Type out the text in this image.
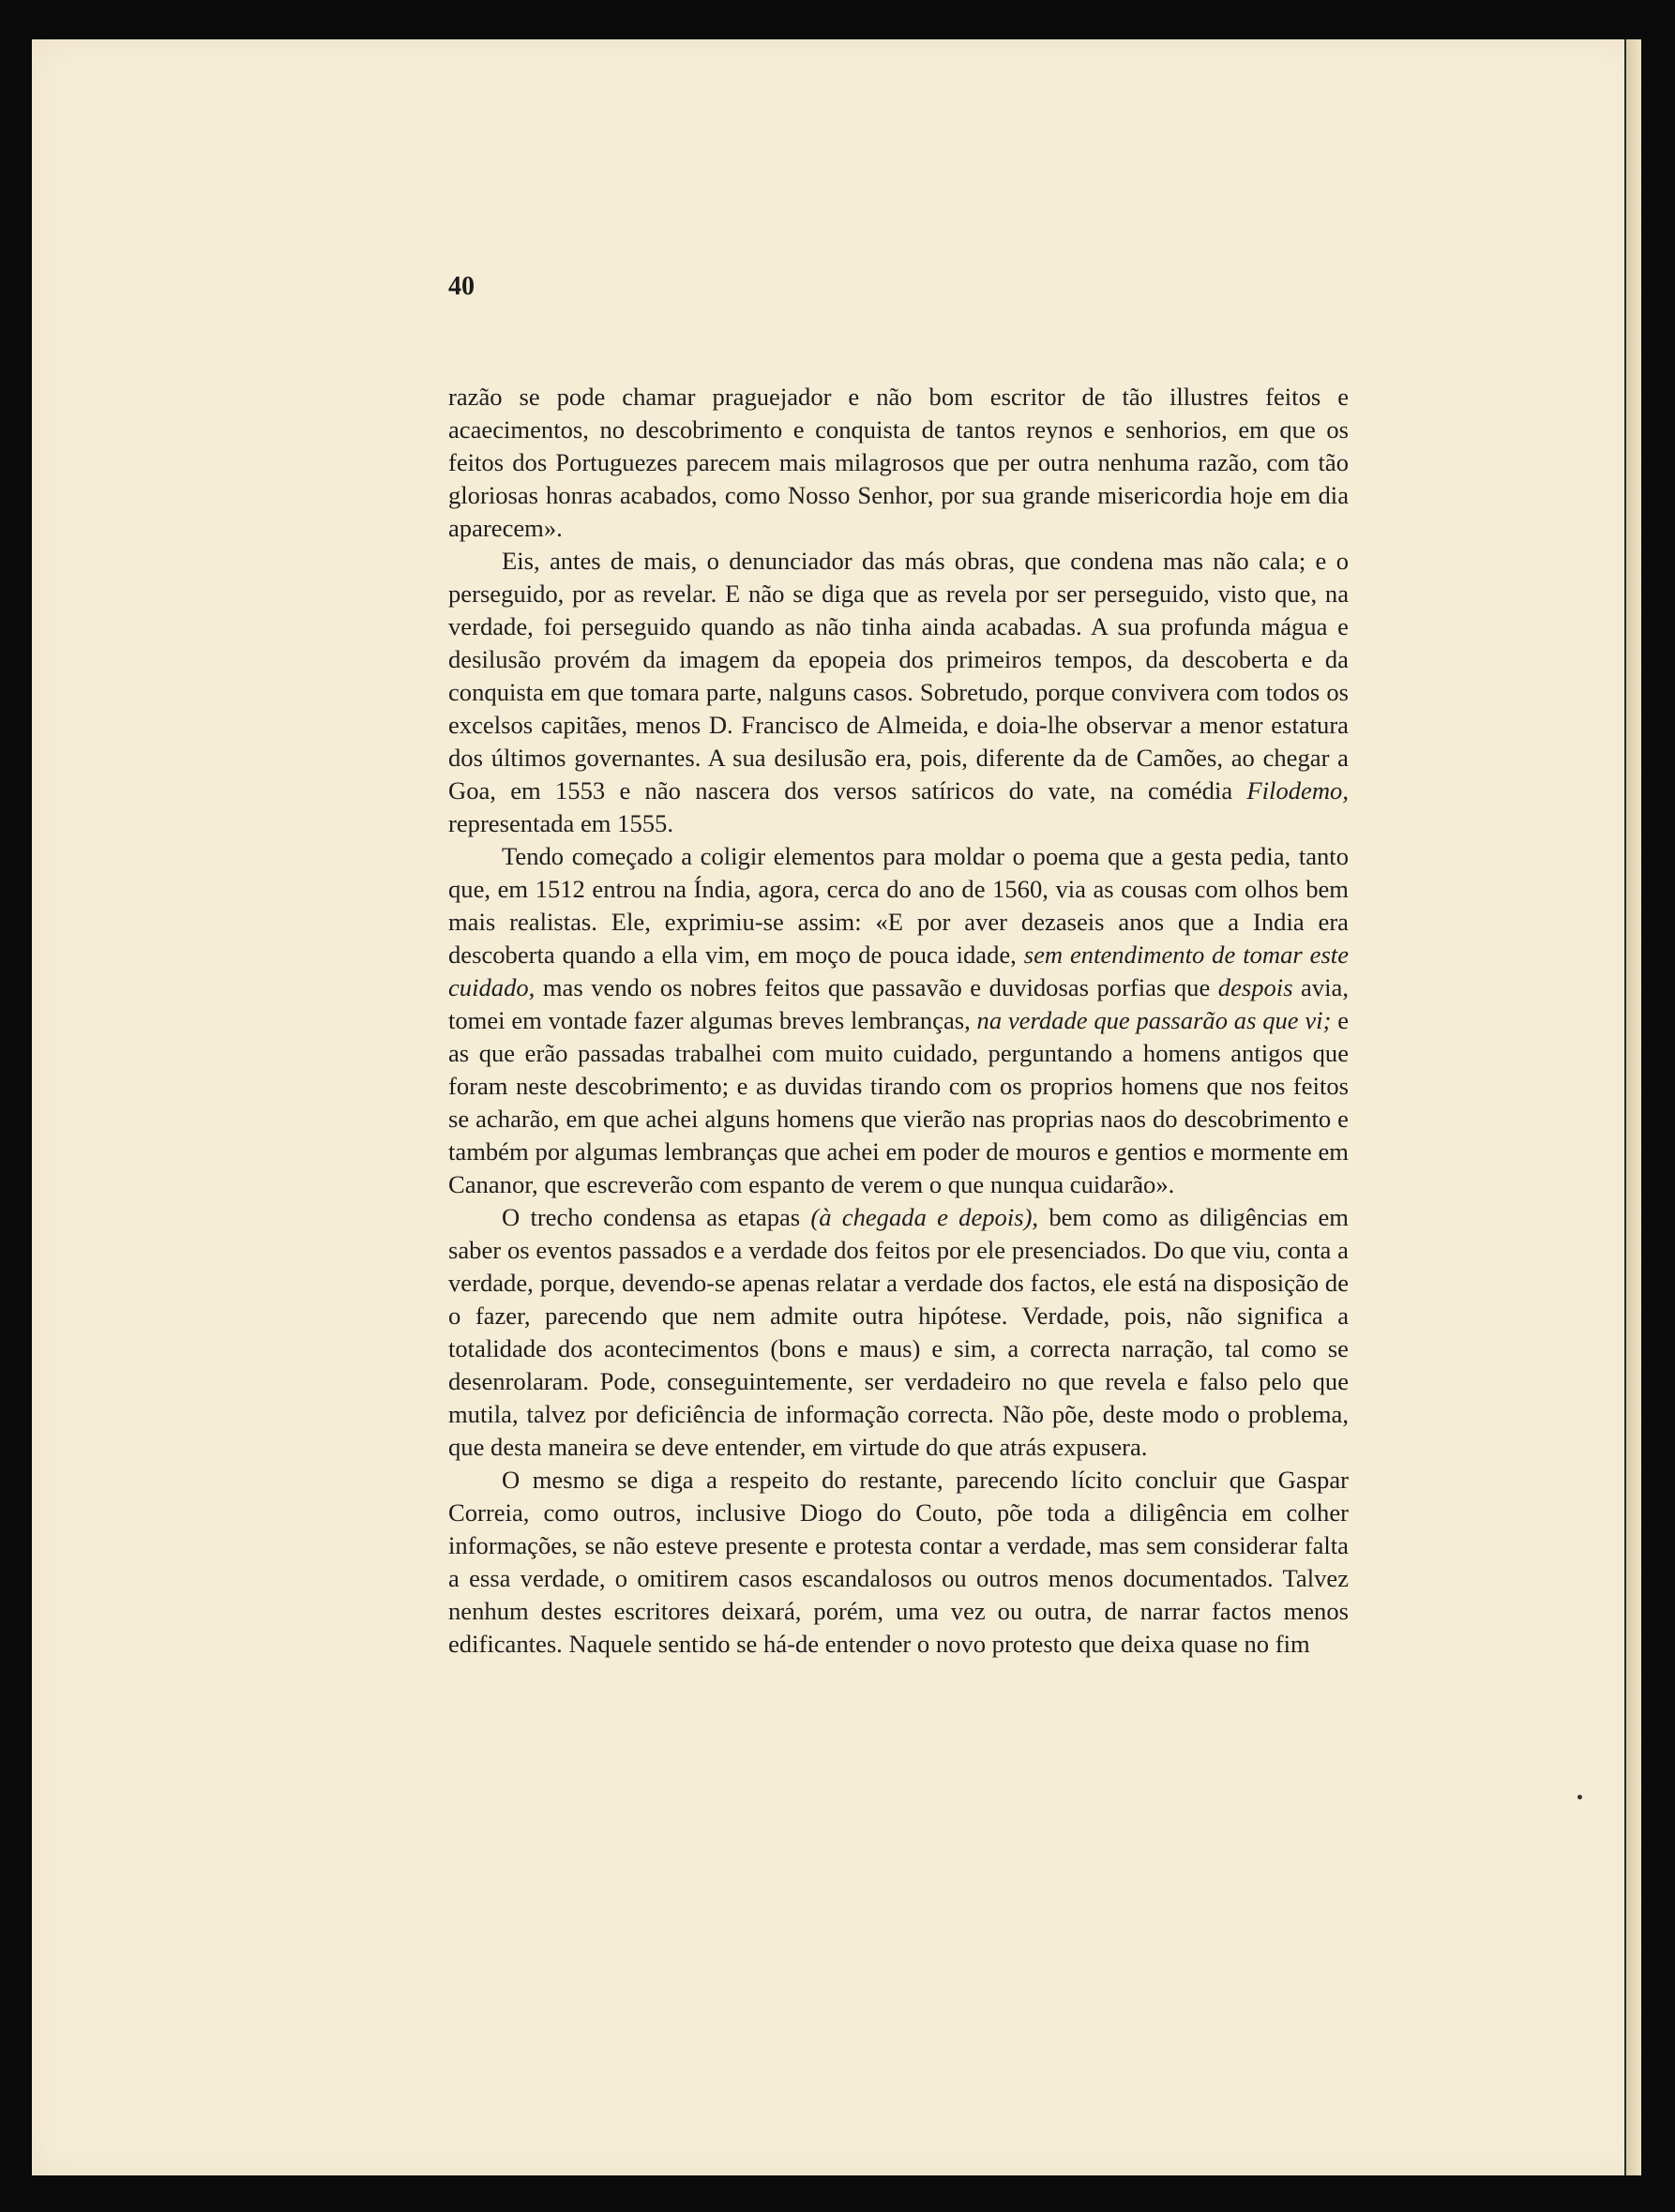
40

razão se pode chamar praguejador e não bom escritor de tão illustres feitos e acaecimentos, no descobrimento e conquista de tantos reynos e senhorios, em que os feitos dos Portuguezes parecem mais milagrosos que per outra nenhuma razão, com tão gloriosas honras acabados, como Nosso Senhor, por sua grande misericordia hoje em dia aparecem».

Eis, antes de mais, o denunciador das más obras, que condena mas não cala; e o perseguido, por as revelar. E não se diga que as revela por ser perseguido, visto que, na verdade, foi perseguido quando as não tinha ainda acabadas. A sua profunda mágua e desilusão provém da imagem da epopeia dos primeiros tempos, da descoberta e da conquista em que tomara parte, nalguns casos. Sobretudo, porque convivera com todos os excelsos capitães, menos D. Francisco de Almeida, e doia-lhe observar a menor estatura dos últimos governantes. A sua desilusão era, pois, diferente da de Camões, ao chegar a Goa, em 1553 e não nascera dos versos satíricos do vate, na comédia Filodemo, representada em 1555.

Tendo começado a coligir elementos para moldar o poema que a gesta pedia, tanto que, em 1512 entrou na Índia, agora, cerca do ano de 1560, via as cousas com olhos bem mais realistas. Ele, exprimiu-se assim: «E por aver dezaseis anos que a India era descoberta quando a ella vim, em moço de pouca idade, sem entendimento de tomar este cuidado, mas vendo os nobres feitos que passavão e duvidosas porfias que despois avia, tomei em vontade fazer algumas breves lembranças, na verdade que passarão as que vi; e as que erão passadas trabalhei com muito cuidado, perguntando a homens antigos que foram neste descobrimento; e as duvidas tirando com os proprios homens que nos feitos se acharão, em que achei alguns homens que vierão nas proprias naos do descobrimento e também por algumas lembranças que achei em poder de mouros e gentios e mormente em Cananor, que escreverão com espanto de verem o que nunqua cuidarão».

O trecho condensa as etapas (à chegada e depois), bem como as diligências em saber os eventos passados e a verdade dos feitos por ele presenciados. Do que viu, conta a verdade, porque, devendo-se apenas relatar a verdade dos factos, ele está na disposição de o fazer, parecendo que nem admite outra hipótese. Verdade, pois, não significa a totalidade dos acontecimentos (bons e maus) e sim, a correcta narração, tal como se desenrolaram. Pode, conseguintemente, ser verdadeiro no que revela e falso pelo que mutila, talvez por deficiência de informação correcta. Não põe, deste modo o problema, que desta maneira se deve entender, em virtude do que atrás expusera.

O mesmo se diga a respeito do restante, parecendo lícito concluir que Gaspar Correia, como outros, inclusive Diogo do Couto, põe toda a diligência em colher informações, se não esteve presente e protesta contar a verdade, mas sem considerar falta a essa verdade, o omitirem casos escandalosos ou outros menos documentados. Talvez nenhum destes escritores deixará, porém, uma vez ou outra, de narrar factos menos edificantes. Naquele sentido se há-de entender o novo protesto que deixa quase no fim
